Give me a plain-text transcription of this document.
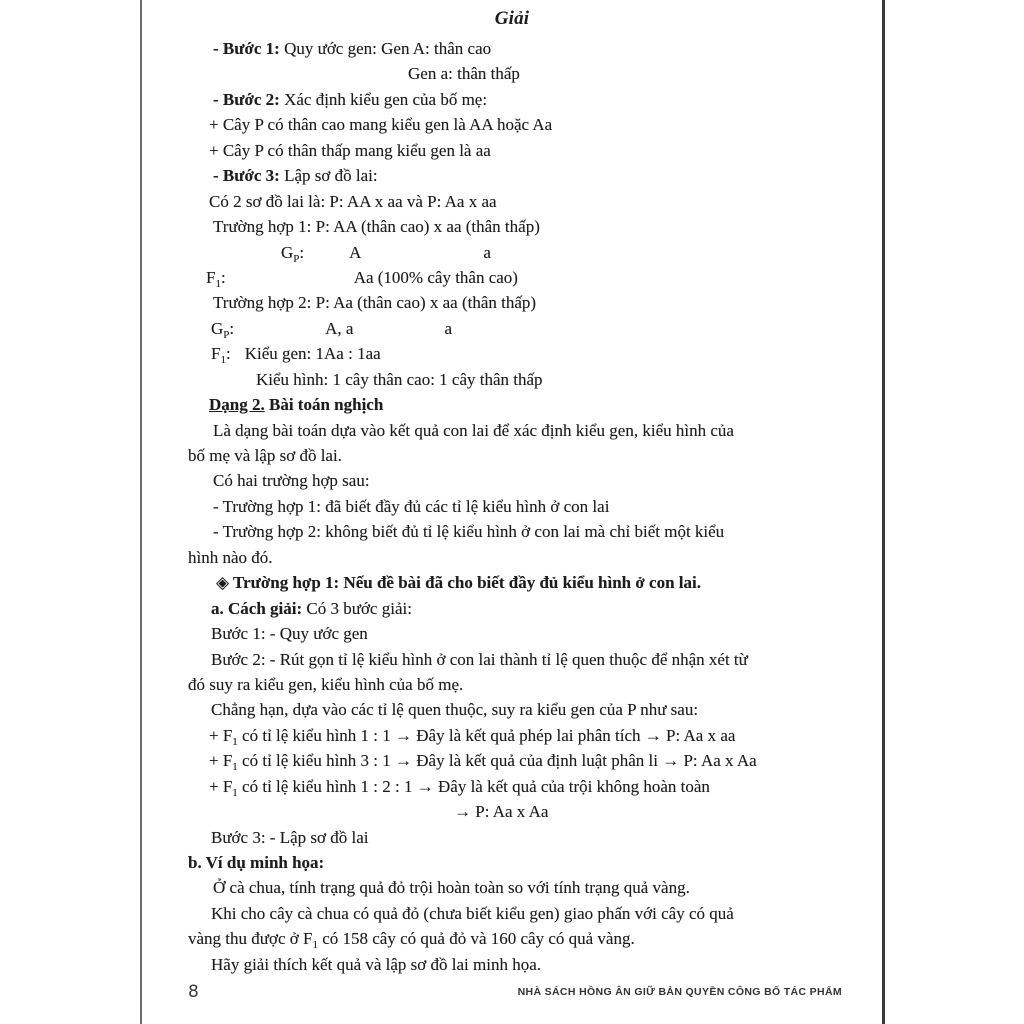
Giải
- Bước 1: Quy ước gen: Gen A: thân cao
Gen a: thân thấp
- Bước 2: Xác định kiểu gen của bố mẹ:
+ Cây P có thân cao mang kiểu gen là AA hoặc Aa
+ Cây P có thân thấp mang kiểu gen là aa
- Bước 3: Lập sơ đồ lai:
Có 2 sơ đồ lai là: P: AA x aa và P: Aa x aa
Trường hợp 1: P: AA (thân cao) x aa (thân thấp)
$G_P$:	A	a
$F_1$:	Aa (100% cây thân cao)
Trường hợp 2: P: Aa (thân cao) x aa (thân thấp)
$G_P$:	A, a	a
$F_1$: Kiểu gen: 1Aa : 1aa
Kiểu hình: 1 cây thân cao: 1 cây thân thấp
Dạng 2. Bài toán nghịch
Là dạng bài toán dựa vào kết quả con lai để xác định kiểu gen, kiểu hình của
bố mẹ và lập sơ đồ lai.
Có hai trường hợp sau:
- Trường hợp 1: đã biết đầy đủ các tỉ lệ kiểu hình ở con lai
- Trường hợp 2: không biết đủ tỉ lệ kiểu hình ở con lai mà chỉ biết một kiểu
hình nào đó.
◈ Trường hợp 1: Nếu đề bài đã cho biết đầy đủ kiểu hình ở con lai.
a. Cách giải: Có 3 bước giải:
Bước 1: - Quy ước gen
Bước 2: - Rút gọn tỉ lệ kiểu hình ở con lai thành tỉ lệ quen thuộc để nhận xét từ
đó suy ra kiểu gen, kiểu hình của bố mẹ.
Chẳng hạn, dựa vào các tỉ lệ quen thuộc, suy ra kiểu gen của P như sau:
+ $F_1$ có tỉ lệ kiểu hình 1 : 1 → Đây là kết quả phép lai phân tích → P: Aa x aa
+ $F_1$ có tỉ lệ kiểu hình 3 : 1 → Đây là kết quả của định luật phân li → P: Aa x Aa
+ $F_1$ có tỉ lệ kiểu hình 1 : 2 : 1 → Đây là kết quả của trội không hoàn toàn
→ P: Aa x Aa
Bước 3: - Lập sơ đồ lai
b. Ví dụ minh họa:
Ở cà chua, tính trạng quả đỏ trội hoàn toàn so với tính trạng quả vàng.
Khi cho cây cà chua có quả đỏ (chưa biết kiểu gen) giao phấn với cây có quả
vàng thu được ở $F_1$ có 158 cây có quả đỏ và 160 cây có quả vàng.
Hãy giải thích kết quả và lập sơ đồ lai minh họa.
8	NHÀ SÁCH HỒNG ÂN GIỮ BẢN QUYỀN CÔNG BỐ TÁC PHẨM
